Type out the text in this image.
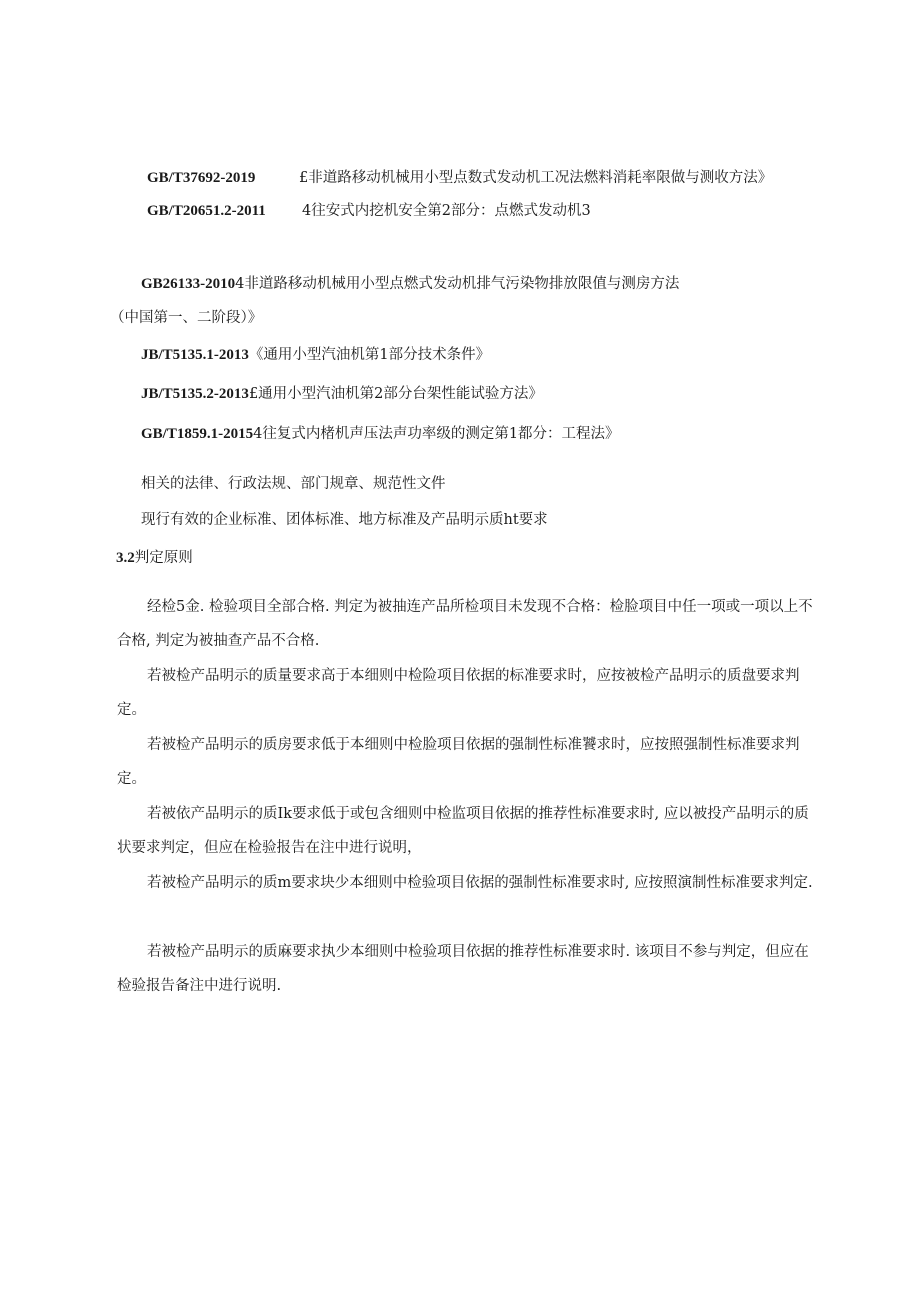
GB/T37692-2019	£非道路移动机械用小型点数式发动机工况法燃料消耗率限做与测收方法》
GB/T20651.2-2011 4往安式内挖机安全第2部分：点燃式发动机3
GB26133-20104非道路移动机械用小型点燃式发动机排气污染物排放限值与测房方法
（中国第一、二阶段）》
JB/T5135.1-2013《通用小型汽油机第1部分技术条件》
JB/T5135.2-2013£通用小型汽油机第2部分台架性能试验方法》
GB/T1859.1-20154往复式内楮机声压法声功率级的测定第1都分：工程法》
相关的法律、行政法规、部门规章、规范性文件
现行有效的企业标准、团体标准、地方标准及产品明示质ht要求
3.2判定原则

经检5金. 检验项目全部合格. 判定为被抽连产品所检项目未发现不合格：检脸项目中任一项或一项以上不合格, 判定为被抽查产品不合格.

若被检产品明示的质量要求高于本细则中检险项目依据的标准要求时，应按被检产品明示的质盘要求判定。

若被检产品明示的质房要求低于本细则中检脸项目依据的强制性标准饕求时，应按照强制性标准要求判定。

若被依产品明示的质Ik要求低于或包含细则中检监项目依据的推荐性标准要求时, 应以被投产品明示的质状要求判定，但应在检验报告在注中进行说明，

若被检产品明示的质m要求块少本细则中检验项目依据的强制性标准要求时, 应按照演制性标准要求判定.

若被检产品明示的质麻要求执少本细则中检验项目依据的推荐性标准要求时. 该项目不参与判定，但应在检验报告备注中进行说明.
